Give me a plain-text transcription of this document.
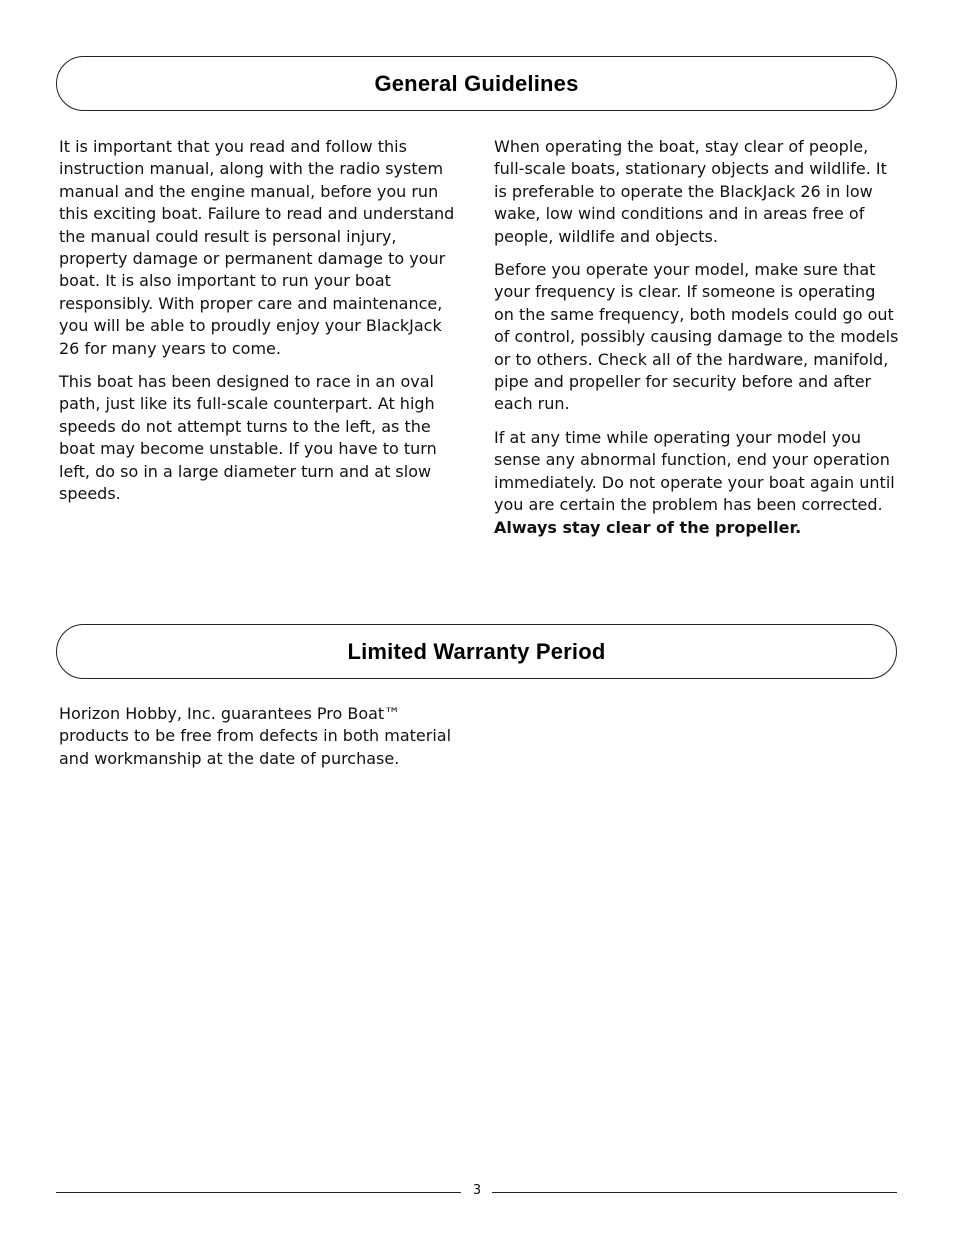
General Guidelines

It is important that you read and follow this instruction manual, along with the radio system manual and the engine manual, before you run this exciting boat. Failure to read and understand the manual could result is personal injury, property damage or permanent damage to your boat. It is also important to run your boat responsibly. With proper care and maintenance, you will be able to proudly enjoy your BlackJack 26 for many years to come.

This boat has been designed to race in an oval path, just like its full-scale counterpart. At high speeds do not attempt turns to the left, as the boat may become unstable. If you have to turn left, do so in a large diameter turn and at slow speeds.

When operating the boat, stay clear of people, full-scale boats, stationary objects and wildlife. It is preferable to operate the BlackJack 26 in low wake, low wind conditions and in areas free of people, wildlife and objects.

Before you operate your model, make sure that your frequency is clear. If someone is operating on the same frequency, both models could go out of control, possibly causing damage to the models or to others. Check all of the hardware, manifold, pipe and propeller for security before and after each run.

If at any time while operating your model you sense any abnormal function, end your operation immediately. Do not operate your boat again until you are certain the problem has been corrected.

Always stay clear of the propeller.

Limited Warranty Period

Horizon Hobby, Inc. guarantees Pro Boat™ products to be free from defects in both material and workmanship at the date of purchase.

3
